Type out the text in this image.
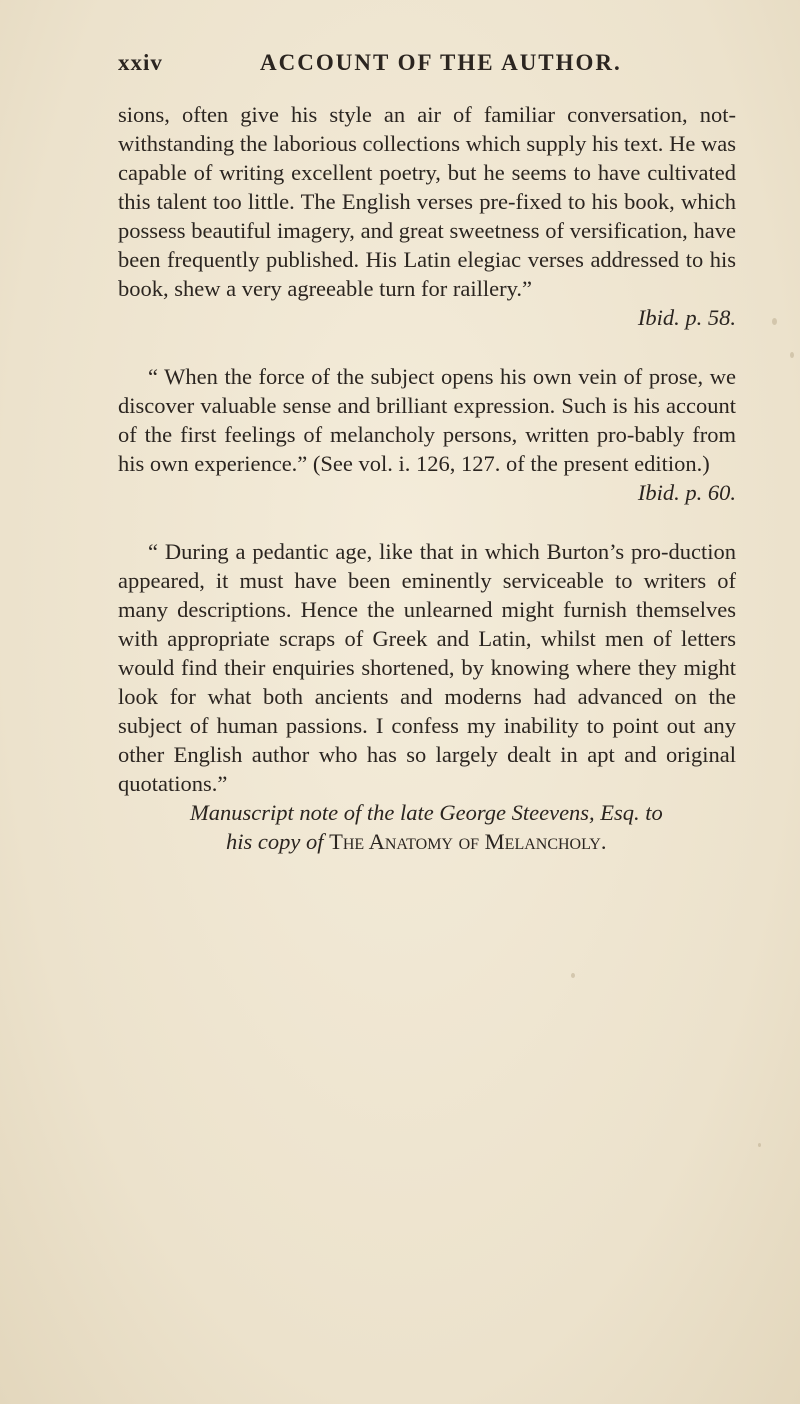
xxiv	ACCOUNT OF THE AUTHOR.

sions, often give his style an air of familiar conversation, not-withstanding the laborious collections which supply his text. He was capable of writing excellent poetry, but he seems to have cultivated this talent too little. The English verses pre-fixed to his book, which possess beautiful imagery, and great sweetness of versification, have been frequently published. His Latin elegiac verses addressed to his book, shew a very agreeable turn for raillery.”

Ibid. p. 58.

“ When the force of the subject opens his own vein of prose, we discover valuable sense and brilliant expression. Such is his account of the first feelings of melancholy persons, written pro-bably from his own experience.” (See vol. i. 126, 127. of the present edition.)

Ibid. p. 60.

“ During a pedantic age, like that in which Burton’s pro-duction appeared, it must have been eminently serviceable to writers of many descriptions. Hence the unlearned might furnish themselves with appropriate scraps of Greek and Latin, whilst men of letters would find their enquiries shortened, by knowing where they might look for what both ancients and moderns had advanced on the subject of human passions. I confess my inability to point out any other English author who has so largely dealt in apt and original quotations.”

Manuscript note of the late George Steevens, Esq. to

his copy of The Anatomy of Melancholy.
